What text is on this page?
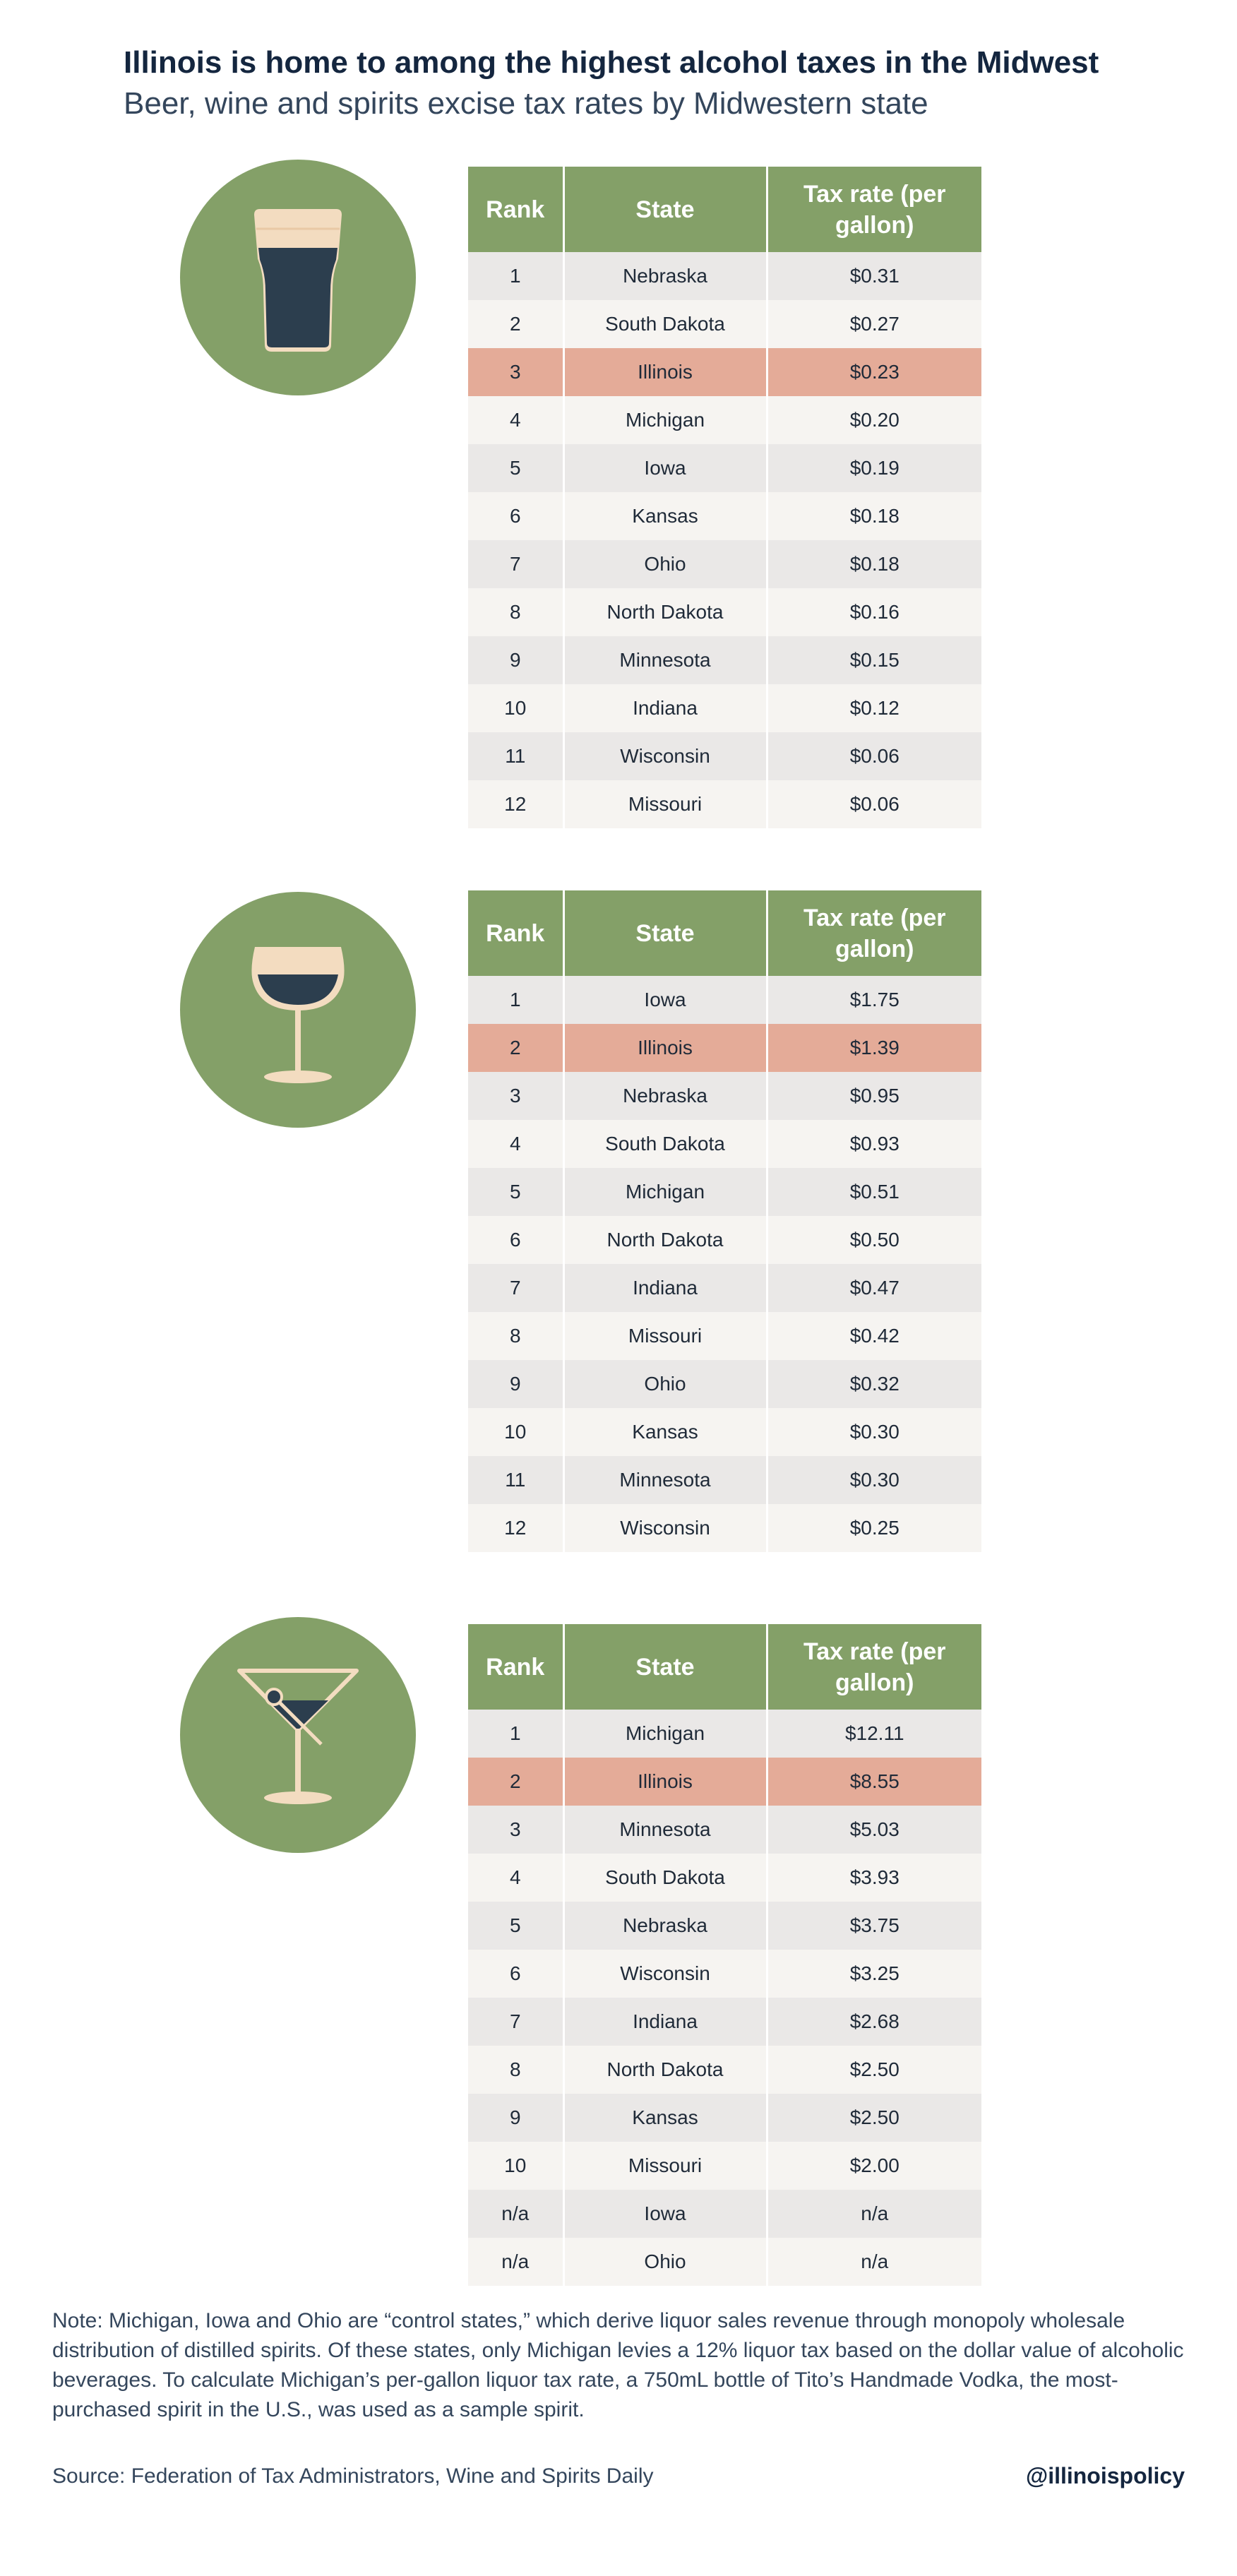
Illinois is home to among the highest alcohol taxes in the Midwest

Beer, wine and spirits excise tax rates by Midwestern state

Rank	State	Tax rate (per gallon)
1	Nebraska	$0.31
2	South Dakota	$0.27
3	Illinois	$0.23
4	Michigan	$0.20
5	Iowa	$0.19
6	Kansas	$0.18
7	Ohio	$0.18
8	North Dakota	$0.16
9	Minnesota	$0.15
10	Indiana	$0.12
11	Wisconsin	$0.06
12	Missouri	$0.06
Rank	State	Tax rate (per gallon)
1	Iowa	$1.75
2	Illinois	$1.39
3	Nebraska	$0.95
4	South Dakota	$0.93
5	Michigan	$0.51
6	North Dakota	$0.50
7	Indiana	$0.47
8	Missouri	$0.42
9	Ohio	$0.32
10	Kansas	$0.30
11	Minnesota	$0.30
12	Wisconsin	$0.25
Rank	State	Tax rate (per gallon)
1	Michigan	$12.11
2	Illinois	$8.55
3	Minnesota	$5.03
4	South Dakota	$3.93
5	Nebraska	$3.75
6	Wisconsin	$3.25
7	Indiana	$2.68
8	North Dakota	$2.50
9	Kansas	$2.50
10	Missouri	$2.00
n/a	Iowa	n/a
n/a	Ohio	n/a

Note: Michigan, Iowa and Ohio are “control states,” which derive liquor sales revenue through monopoly wholesale distribution of distilled spirits. Of these states, only Michigan levies a 12% liquor tax based on the dollar value of alcoholic beverages. To calculate Michigan’s per-gallon liquor tax rate, a 750mL bottle of Tito’s Handmade Vodka, the most-purchased spirit in the U.S., was used as a sample spirit.

Source: Federation of Tax Administrators, Wine and Spirits Daily	@illinoispolicy
